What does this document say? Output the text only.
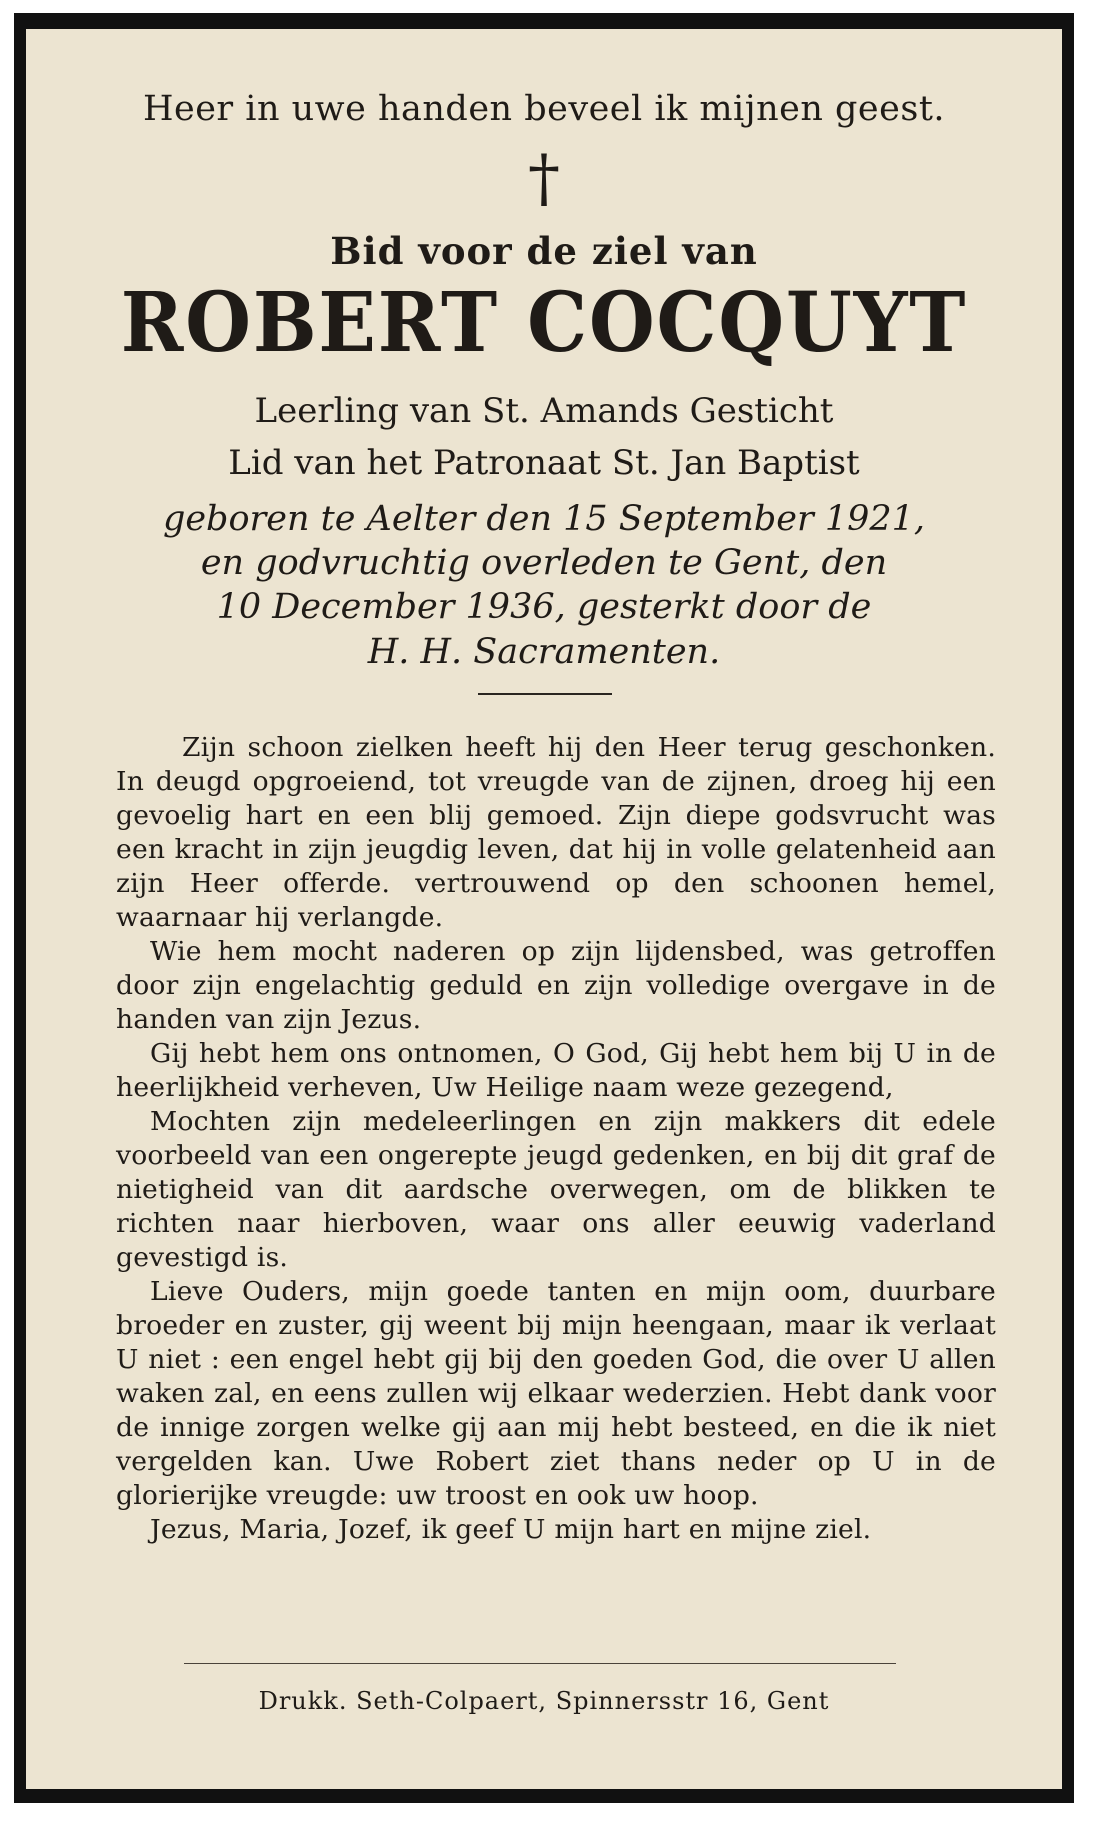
Heer in uwe handen beveel ik mijnen geest.
†
Bid voor de ziel van
ROBERT COCQUYT
Leerling van St. Amands Gesticht
Lid van het Patronaat St. Jan Baptist
geboren te Aelter den 15 September 1921,
en godvruchtig overleden te Gent, den
10 December 1936, gesterkt door de
H. H. Sacramenten.

Zijn schoon zielken heeft hij den Heer terug geschonken. In deugd opgroeiend, tot vreugde van de zijnen, droeg hij een gevoelig hart en een blij gemoed. Zijn diepe godsvrucht was een kracht in zijn jeugdig leven, dat hij in volle gelatenheid aan zijn Heer offerde. vertrouwend op den schoonen hemel, waarnaar hij verlangde.

Wie hem mocht naderen op zijn lijdensbed, was getroffen door zijn engelachtig geduld en zijn volledige overgave in de handen van zijn Jezus.

Gij hebt hem ons ontnomen, O God, Gij hebt hem bij U in de heerlijkheid verheven, Uw Heilige naam weze gezegend,

Mochten zijn medeleerlingen en zijn makkers dit edele voorbeeld van een ongerepte jeugd gedenken, en bij dit graf de nietigheid van dit aardsche overwegen, om de blikken te richten naar hierboven, waar ons aller eeuwig vaderland gevestigd is.

Lieve Ouders, mijn goede tanten en mijn oom, duurbare broeder en zuster, gij weent bij mijn heengaan, maar ik verlaat U niet : een engel hebt gij bij den goeden God, die over U allen waken zal, en eens zullen wij elkaar wederzien. Hebt dank voor de innige zorgen welke gij aan mij hebt besteed, en die ik niet vergelden kan. Uwe Robert ziet thans neder op U in de glorierijke vreugde: uw troost en ook uw hoop.

Jezus, Maria, Jozef, ik geef U mijn hart en mijne ziel.

Drukk. Seth-Colpaert, Spinnersstr 16, Gent
